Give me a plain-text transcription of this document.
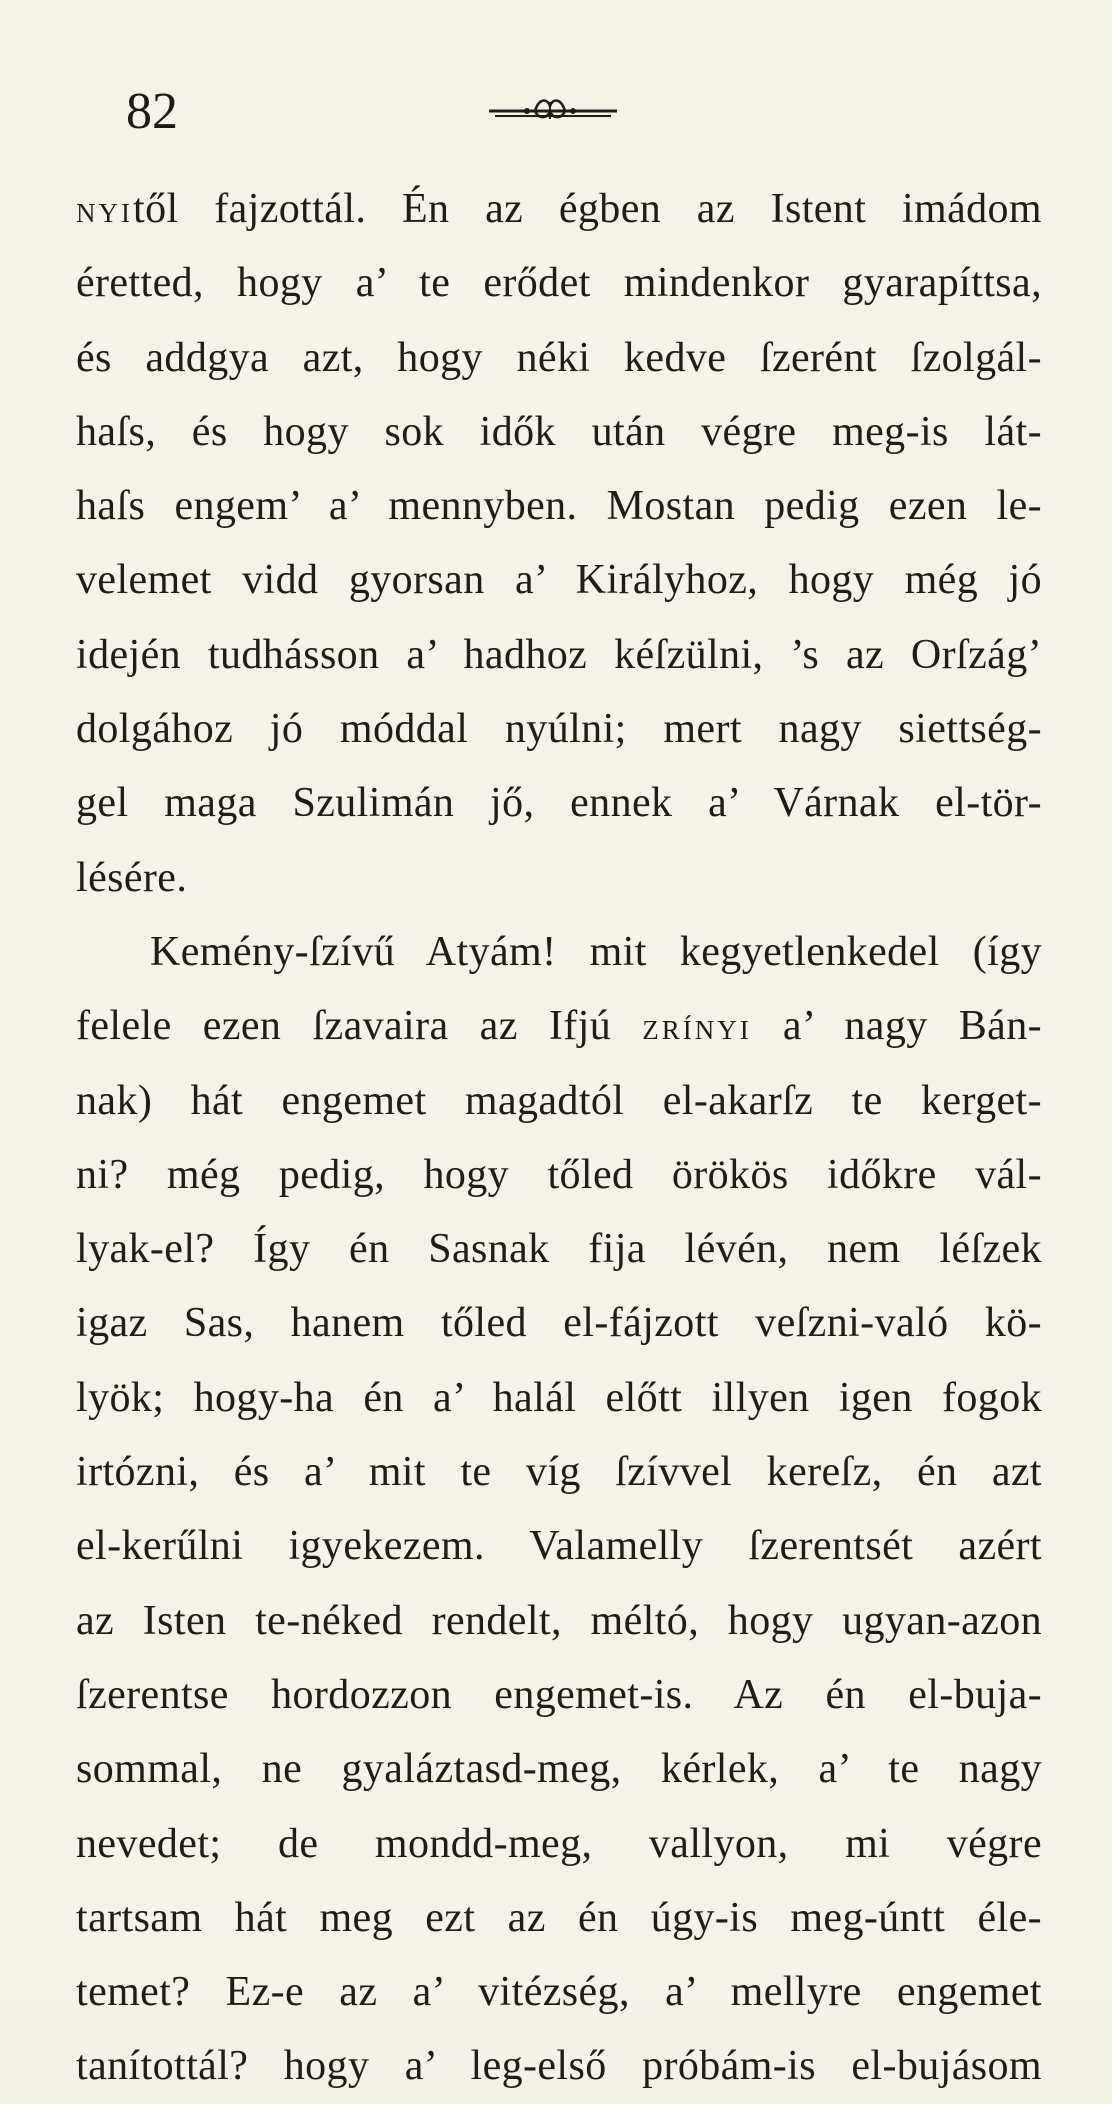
82
NYItől fajzottál. Én az égben az Istent imádom
éretted, hogy a’ te erődet mindenkor gyarapíttsa,
és addgya azt, hogy néki kedve ſzerént ſzolgál-
haſs, és hogy sok idők után végre meg-is lát-
haſs engem’ a’ mennyben. Mostan pedig ezen le-
velemet vidd gyorsan a’ Királyhoz, hogy még jó
idején tudhásson a’ hadhoz kéſzülni, ’s az Orſzág’
dolgához jó móddal nyúlni; mert nagy siettség-
gel maga Szulimán jő, ennek a’ Várnak el-tör-
lésére.
Kemény-ſzívű Atyám! mit kegyetlenkedel (így
felele ezen ſzavaira az Ifjú ZRÍNYI a’ nagy Bán-
nak) hát engemet magadtól el-akarſz te kerget-
ni? még pedig, hogy tőled örökös időkre vál-
lyak-el? Így én Sasnak fija lévén, nem léſzek
igaz Sas, hanem tőled el-fájzott veſzni-való kö-
lyök; hogy-ha én a’ halál előtt illyen igen fogok
irtózni, és a’ mit te víg ſzívvel kereſz, én azt
el-kerűlni igyekezem. Valamelly ſzerentsét azért
az Isten te-néked rendelt, méltó, hogy ugyan-azon
ſzerentse hordozzon engemet-is. Az én el-buja-
sommal, ne gyaláztasd-meg, kérlek, a’ te nagy
nevedet; de mondd-meg, vallyon, mi végre
tartsam hát meg ezt az én úgy-is meg-úntt éle-
temet? Ez-e az a’ vitézség, a’ mellyre engemet
tanítottál? hogy a’ leg-első próbám-is el-bujásom
